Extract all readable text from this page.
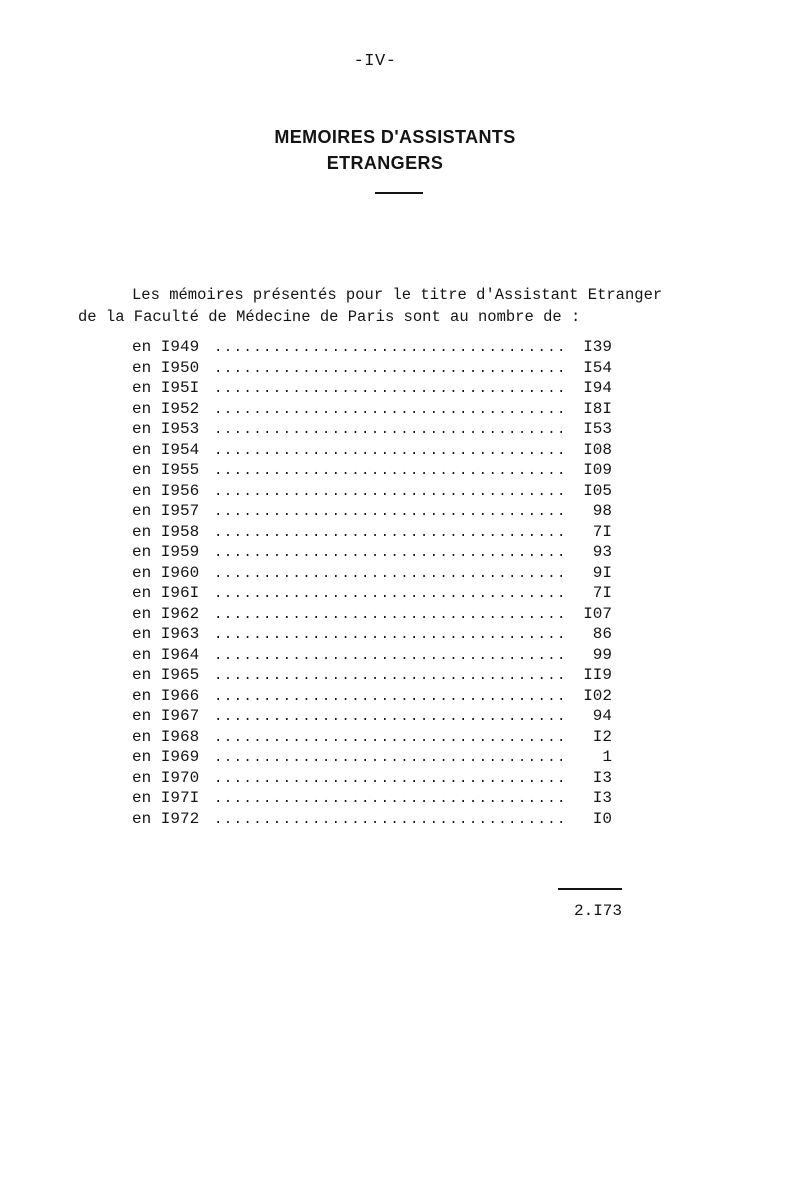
-IV-
MEMOIRES D'ASSISTANTS
ETRANGERS
Les mémoires présentés pour le titre d'Assistant Etranger
de la Faculté de Médecine de Paris sont au nombre de :
en I949 .....	I39
en I950 .....	I54
en I95I .....	I94
en I952 .....	I8I
en I953 .....	I53
en I954 .....	I08
en I955 .....	I09
en I956 .....	I05
en I957 .....	98
en I958 .....	7I
en I959 .....	93
en I960 .....	9I
en I96I .....	7I
en I962 .....	I07
en I963 .....	86
en I964 .....	99
en I965 .....	II9
en I966 .....	I02
en I967 .....	94
en I968 .....	I2
en I969 .....	1
en I970 .....	I3
en I97I .....	I3
en I972 .....	I0
2.I73
